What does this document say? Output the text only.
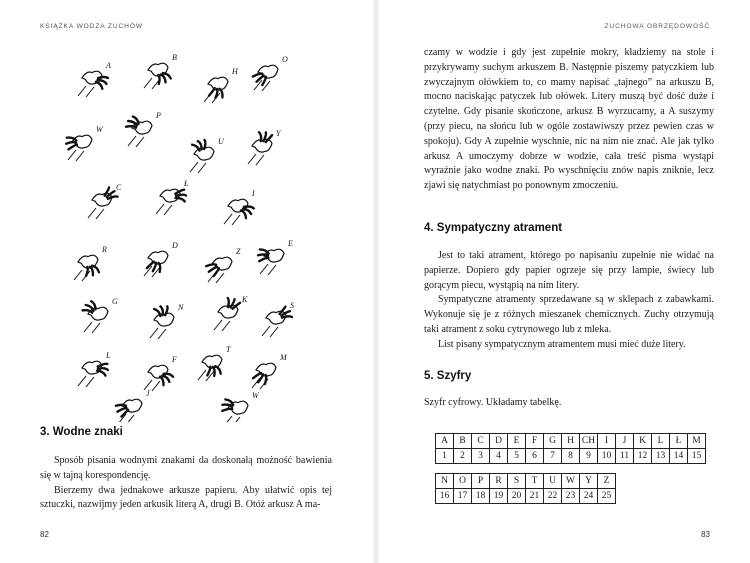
KSIĄŻKA WODZA ZUCHÓW
A
B
H
O
W
P
U
Y
C	Ł
I
R	D
Z
E
G
N
K
S
L	F
T
M
J	W
3. Wodne znaki

Sposób pisania wodnymi znakami da doskonałą możność bawienia się w tajną korespondencję.

Bierzemy dwa jednakowe arkusze papieru. Aby ułatwić opis tej sztuczki, nazwijmy jeden arkusik literą A, drugi B. Otóż arkusz A ma-

82
ZUCHOWA OBRZĘDOWOŚĆ

czamy w wodzie i gdy jest zupełnie mokry, kładziemy na stole i przykrywamy suchym arkuszem B. Następnie piszemy patyczkiem lub zwyczajnym ołówkiem to, co mamy napisać „tajnego” na arkuszu B, mocno naciskając patyczek lub ołówek. Litery muszą być dość duże i czytelne. Gdy pisanie skończone, arkusz B wyrzucamy, a A suszymy (przy piecu, na słońcu lub w ogóle zostawiwszy przez pewien czas w spokoju). Gdy A zupełnie wyschnie, nic na nim nie znać. Ale jak tylko arkusz A umoczymy dobrze w wodzie, cała treść pisma wystąpi wyraźnie jako wodne znaki. Po wyschnięciu znów napis zniknie, lecz zjawi się natychmiast po ponownym zmoczeniu.

4. Sympatyczny atrament

Jest to taki atrament, którego po napisaniu zupełnie nie widać na papierze. Dopiero gdy papier ogrzeje się przy lampie, świecy lub gorącym piecu, wystąpią na nim litery.

Sympatyczne atramenty sprzedawane są w sklepach z zabawkami. Wykonuje się je z różnych mieszanek chemicznych. Zuchy otrzymują taki atrament z soku cytrynowego lub z mleka.

List pisany sympatycznym atramentem musi mieć duże litery.

5. Szyfry

Szyfr cyfrowy. Układamy tabelkę.

A	B	C	D	E	F	G	H	CH	I	J	K	L	Ł	M
1	2	3	4	5	6	7	8	9	10	11	12	13	14	15
N	O	P	R	S	T	U	W	Y	Z
16	17	18	19	20	21	22	23	24	25
83
